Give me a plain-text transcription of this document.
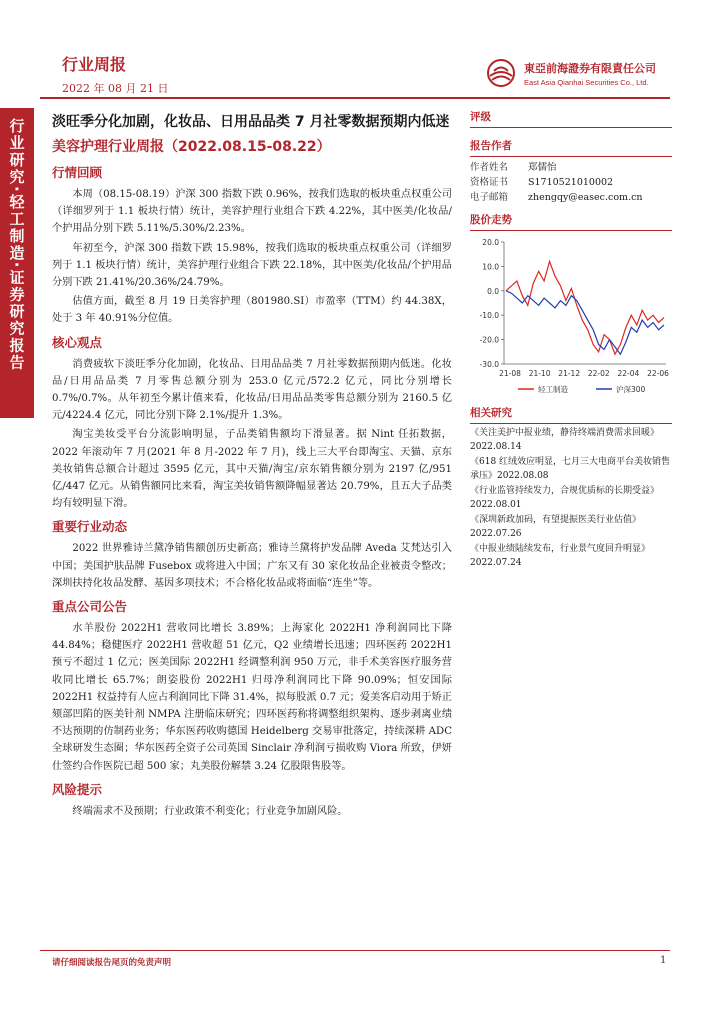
行业研究·轻工制造·证券研究报告
行业周报
2022 年 08 月 21 日
東亞前海證券有限責任公司
East Asia Qianhai Securities Co., Ltd.
淡旺季分化加剧，化妆品、日用品品类 7 月社零数据预期内低迷
美容护理行业周报（2022.08.15-08.22）
行情回顾

本周（08.15-08.19）沪深 300 指数下跌 0.96%，按我们选取的板块重点权重公司（详细罗列于 1.1 板块行情）统计，美容护理行业组合下跌 4.22%，其中医美/化妆品/个护用品分别下跌 5.11%/5.30%/2.23%。

年初至今，沪深 300 指数下跌 15.98%，按我们选取的板块重点权重公司（详细罗列于 1.1 板块行情）统计，美容护理行业组合下跌 22.18%，其中医美/化妆品/个护用品分别下跌 21.41%/20.36%/24.79%。

估值方面，截至 8 月 19 日美容护理（801980.SI）市盈率（TTM）约 44.38X，处于 3 年 40.91%分位值。

核心观点

消费疲软下淡旺季分化加剧，化妆品、日用品品类 7 月社零数据预期内低迷。化妆品/日用品品类 7 月零售总额分别为 253.0 亿元/572.2 亿元，同比分别增长 0.7%/0.7%。从年初至今累计值来看，化妆品/日用品品类零售总额分别为 2160.5 亿元/4224.4 亿元，同比分别下降 2.1%/提升 1.3%。

淘宝美妆受平台分流影响明显，子品类销售额均下滑显著。据 Nint 任拓数据，2022 年滚动年 7 月(2021 年 8 月-2022 年 7 月)，线上三大平台即淘宝、天猫、京东美妆销售总额合计超过 3595 亿元，其中天猫/淘宝/京东销售额分别为 2197 亿/951 亿/447 亿元。从销售额同比来看，淘宝美妆销售额降幅显著达 20.79%，且五大子品类均有较明显下滑。

重要行业动态

2022 世界雅诗兰黛净销售额创历史新高；雅诗兰黛将护发品牌 Aveda 艾梵达引入中国；美国护肤品牌 Fusebox 或将进入中国；广东又有 30 家化妆品企业被责令整改；深圳扶持化妆品发酵、基因多项技术；不合格化妆品或将面临“连坐”等。

重点公司公告

水羊股份 2022H1 营收同比增长 3.89%；上海家化 2022H1 净利润同比下降 44.84%；稳健医疗 2022H1 营收超 51 亿元，Q2 业绩增长迅速；四环医药 2022H1 预亏不超过 1 亿元；医美国际 2022H1 经调整利润 950 万元，非手术美容医疗服务营收同比增长 65.7%；朗姿股份 2022H1 归母净利润同比下降 90.09%；恒安国际 2022H1 权益持有人应占利润同比下降 31.4%，拟每股派 0.7 元；爱美客启动用于矫正颏部凹陷的医美针剂 NMPA 注册临床研究；四环医药称将调整组织架构、逐步剥离业绩不达预期的仿制药业务；华东医药收购德国 Heidelberg 交易审批落定，持续深耕 ADC 全球研发生态圈；华东医药全资子公司英国 Sinclair 净利润亏损收购 Viora 所致，伊妍仕签约合作医院已超 500 家；丸美股份解禁 3.24 亿股限售股等。

风险提示

终端需求不及预期；行业政策不利变化；行业竞争加剧风险。

评级
报告作者
作者姓名	郑儒怡
资格证书	S1710521010002
电子邮箱	zhengqy@easec.com.cn
股价走势
20.0
10.0
0.0
-10.0
-20.0
-30.0
21-08 21-10 21-12 22-02 22-04 22-06
轻工制造	沪深300
相关研究
《关注美护中报业绩，静待终端消费需求回暖》2022.08.14
《618 红绒效应明显，七月三大电商平台美妆销售承压》2022.08.08
《行业监管持续发力，合规优质标的长期受益》2022.08.01
《深圳新政加码，有望提振医美行业估值》2022.07.26
《中报业绩陆续发布，行业景气度回升明显》2022.07.24
请仔细阅读报告尾页的免责声明	1
